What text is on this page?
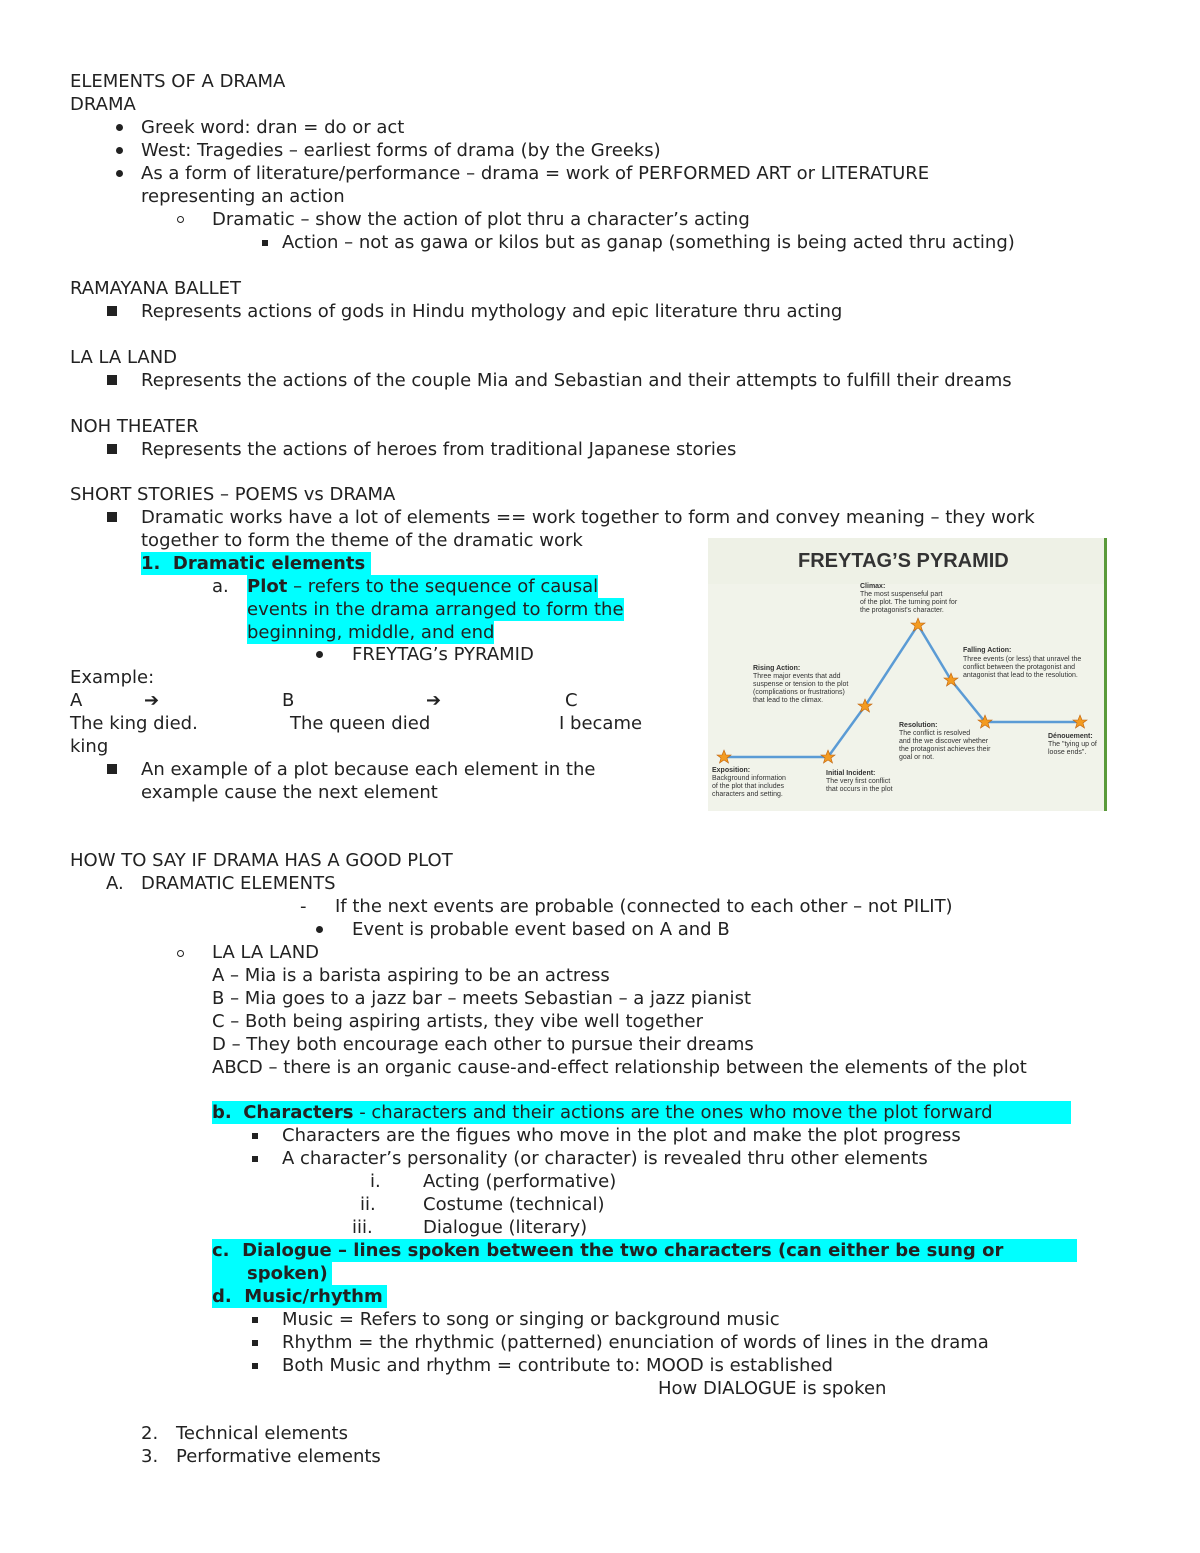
ELEMENTS OF A DRAMA
DRAMA
Greek word: dran = do or act
West: Tragedies – earliest forms of drama (by the Greeks)
As a form of literature/performance – drama = work of PERFORMED ART or LITERATURE
representing an action
Dramatic – show the action of plot thru a character’s acting
Action – not as gawa or kilos but as ganap (something is being acted thru acting)
RAMAYANA BALLET
Represents actions of gods in Hindu mythology and epic literature thru acting
LA LA LAND
Represents the actions of the couple Mia and Sebastian and their attempts to fulfill their dreams
NOH THEATER
Represents the actions of heroes from traditional Japanese stories
SHORT STORIES – POEMS vs DRAMA
Dramatic works have a lot of elements == work together to form and convey meaning – they work
together to form the theme of the dramatic work
1. Dramatic elements
a. Plot – refers to the sequence of causal
events in the drama arranged to form the
beginning, middle, and end
FREYTAG’s PYRAMID
Example:
A	➔	B	➔	C
The king died.	The queen died	I became
king
An example of a plot because each element in the
example cause the next element
FREYTAG’S PYRAMID
Climax:
The most suspenseful part
of the plot. The turning point for
the protagonist's character.
Rising Action:
Three major events that add
suspense or tension to the plot
(complications or frustrations)
that lead to the climax.
Falling Action:
Three events (or less) that unravel the
conflict between the protagonist and
antagonist that lead to the resolution.
Resolution:
The conflict is resolved
and the we discover whether
the protagonist achieves their
goal or not.
Dénouement:
The "tying up of
loose ends".
Exposition:
Background information
of the plot that includes
characters and setting.
Initial Incident:
The very first conflict
that occurs in the plot
HOW TO SAY IF DRAMA HAS A GOOD PLOT
A. DRAMATIC ELEMENTS
- If the next events are probable (connected to each other – not PILIT)
Event is probable event based on A and B
LA LA LAND
A – Mia is a barista aspiring to be an actress
B – Mia goes to a jazz bar – meets Sebastian – a jazz pianist
C – Both being aspiring artists, they vibe well together
D – They both encourage each other to pursue their dreams
ABCD – there is an organic cause-and-effect relationship between the elements of the plot
b. Characters - characters and their actions are the ones who move the plot forward
Characters are the figues who move in the plot and make the plot progress
A character’s personality (or character) is revealed thru other elements
i. Acting (performative)
ii.	Costume (technical)
iii.	Dialogue (literary)
c. Dialogue – lines spoken between the two characters (can either be sung or
spoken)
d. Music/rhythm
Music = Refers to song or singing or background music
Rhythm = the rhythmic (patterned) enunciation of words of lines in the drama
Both Music and rhythm = contribute to: MOOD is established
How DIALOGUE is spoken
2. Technical elements
3. Performative elements
